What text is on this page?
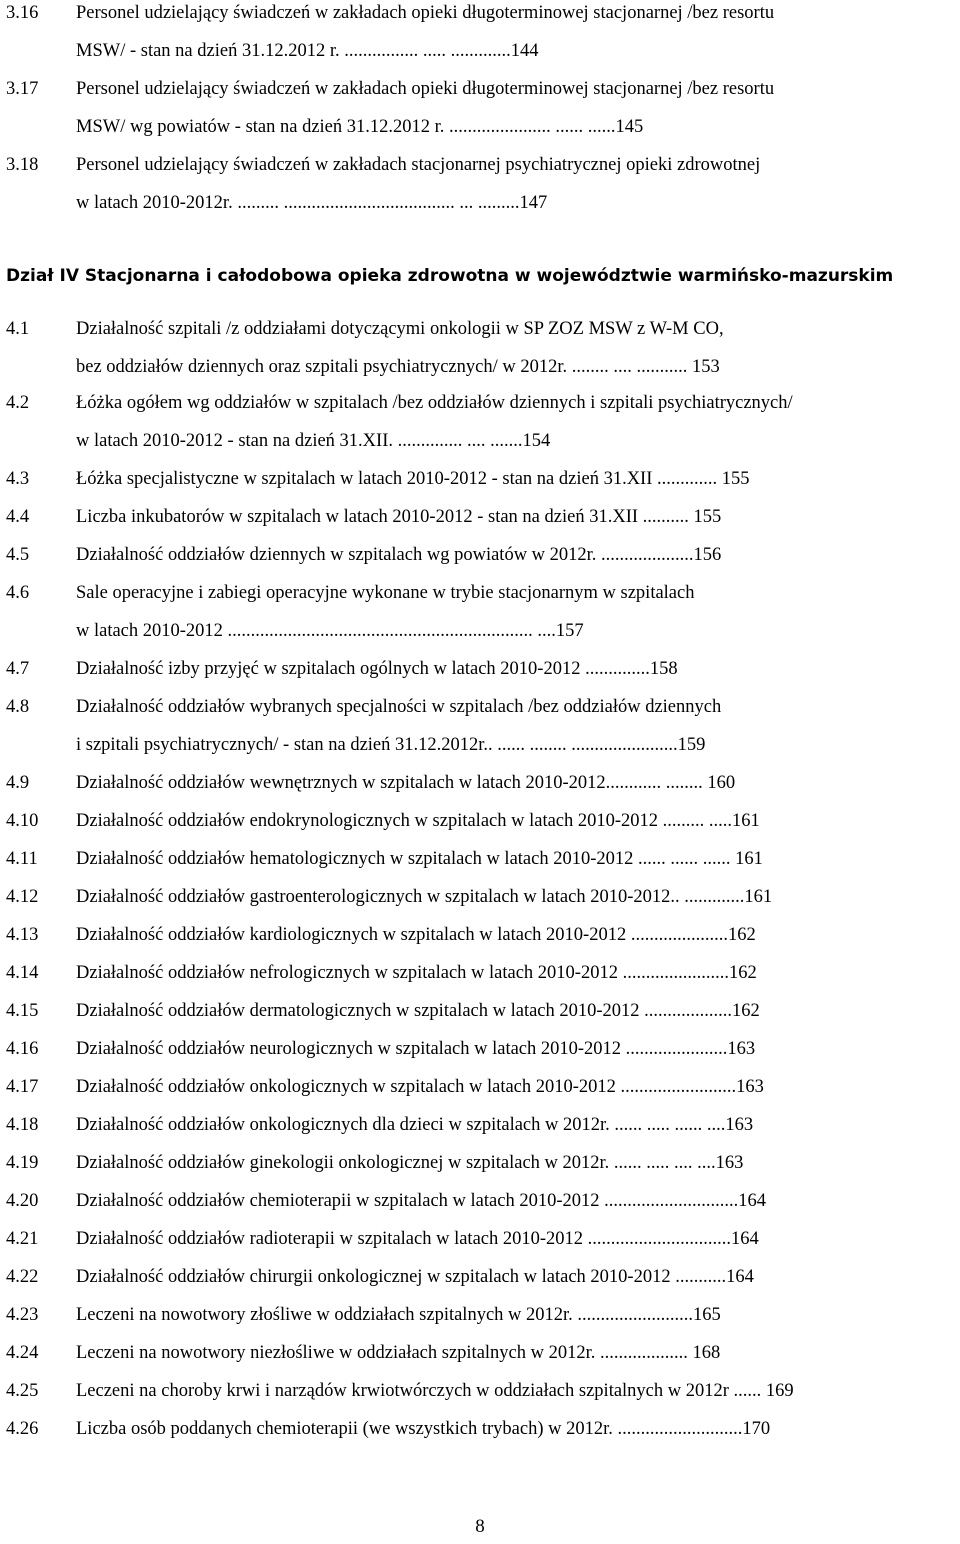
3.16 Personel udzielający świadczeń w zakładach opieki długoterminowej stacjonarnej /bez resortu
MSW/ - stan na dzień 31.12.2012 r. ................ ..... .............144
3.17 Personel udzielający świadczeń w zakładach opieki długoterminowej stacjonarnej /bez resortu
MSW/ wg powiatów - stan na dzień 31.12.2012 r. ...................... ...... ......145
3.18 Personel udzielający świadczeń w zakładach stacjonarnej psychiatrycznej opieki zdrowotnej
w latach 2010-2012r. ......... ..................................... ... .........147
Dział IV Stacjonarna i całodobowa opieka zdrowotna w województwie warmińsko-mazurskim
4.1	Działalność szpitali /z oddziałami dotyczącymi onkologii w SP ZOZ MSW z W-M CO,
bez oddziałów dziennych oraz szpitali psychiatrycznych/ w 2012r. ........ .... ........... 153
4.2	Łóżka ogółem wg oddziałów w szpitalach /bez oddziałów dziennych i szpitali psychiatrycznych/
w latach 2010-2012 - stan na dzień 31.XII. .............. .... .......154
4.3	Łóżka specjalistyczne w szpitalach w latach 2010-2012 - stan na dzień 31.XII ............. 155
4.4	Liczba inkubatorów w szpitalach w latach 2010-2012 - stan na dzień 31.XII .......... 155
4.5	Działalność oddziałów dziennych w szpitalach wg powiatów w 2012r. ....................156
4.6	Sale operacyjne i zabiegi operacyjne wykonane w trybie stacjonarnym w szpitalach
w latach 2010-2012 .................................................................. ....157
4.7	Działalność izby przyjęć w szpitalach ogólnych w latach 2010-2012 ..............158
4.8	Działalność oddziałów wybranych specjalności w szpitalach /bez oddziałów dziennych
i szpitali psychiatrycznych/ - stan na dzień 31.12.2012r.. ...... ........ .......................159
4.9	Działalność oddziałów wewnętrznych w szpitalach w latach 2010-2012............ ........ 160
4.10 Działalność oddziałów endokrynologicznych w szpitalach w latach 2010-2012 ......... .....161
4.11 Działalność oddziałów hematologicznych w szpitalach w latach 2010-2012 ...... ...... ...... 161
4.12 Działalność oddziałów gastroenterologicznych w szpitalach w latach 2010-2012.. .............161
4.13 Działalność oddziałów kardiologicznych w szpitalach w latach 2010-2012 .....................162
4.14 Działalność oddziałów nefrologicznych w szpitalach w latach 2010-2012 .......................162
4.15 Działalność oddziałów dermatologicznych w szpitalach w latach 2010-2012 ...................162
4.16 Działalność oddziałów neurologicznych w szpitalach w latach 2010-2012 ......................163
4.17 Działalność oddziałów onkologicznych w szpitalach w latach 2010-2012 .........................163
4.18 Działalność oddziałów onkologicznych dla dzieci w szpitalach w 2012r. ...... ..... ...... ....163
4.19 Działalność oddziałów ginekologii onkologicznej w szpitalach w 2012r. ...... ..... .... ....163
4.20 Działalność oddziałów chemioterapii w szpitalach w latach 2010-2012 .............................164
4.21 Działalność oddziałów radioterapii w szpitalach w latach 2010-2012 ...............................164
4.22 Działalność oddziałów chirurgii onkologicznej w szpitalach w latach 2010-2012 ...........164
4.23 Leczeni na nowotwory złośliwe w oddziałach szpitalnych w 2012r. .........................165
4.24 Leczeni na nowotwory niezłośliwe w oddziałach szpitalnych w 2012r. ................... 168
4.25 Leczeni na choroby krwi i narządów krwiotwórczych w oddziałach szpitalnych w 2012r ...... 169
4.26 Liczba osób poddanych chemioterapii (we wszystkich trybach) w 2012r. ...........................170
8
